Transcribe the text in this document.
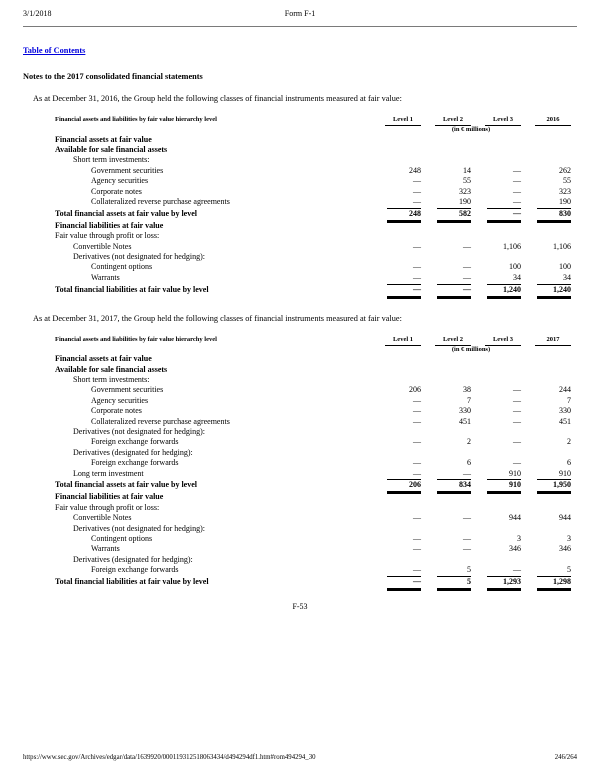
3/1/2018	Form F-1
Table of Contents
Notes to the 2017 consolidated financial statements
As at December 31, 2016, the Group held the following classes of financial instruments measured at fair value:
Financial assets and liabilities by fair value hierarchy level	Level 1	Level 2	Level 3	2016
(in € millions)
Financial assets at fair value
Available for sale financial assets
Short term investments:
Government securities	248	14	—	262
Agency securities	—	55	—	55
Corporate notes	—	323	—	323
Collateralized reverse purchase agreements	—	190	—	190
Total financial assets at fair value by level	248	582	—	830
Financial liabilities at fair value
Fair value through profit or loss:
Convertible Notes	—	—	1,106	1,106
Derivatives (not designated for hedging):
Contingent options	—	—	100	100
Warrants	—	—	34	34
Total financial liabilities at fair value by level	—	—	1,240	1,240
As at December 31, 2017, the Group held the following classes of financial instruments measured at fair value:
Financial assets and liabilities by fair value hierarchy level	Level 1	Level 2	Level 3	2017
(in € millions)
Financial assets at fair value
Available for sale financial assets
Short term investments:
Government securities	206	38	—	244
Agency securities	—	7	—	7
Corporate notes	—	330	—	330
Collateralized reverse purchase agreements	—	451	—	451
Derivatives (not designated for hedging):
Foreign exchange forwards	—	2	—	2
Derivatives (designated for hedging):
Foreign exchange forwards	—	6	—	6
Long term investment	—	—	910	910
Total financial assets at fair value by level	206	834	910	1,950
Financial liabilities at fair value
Fair value through profit or loss:
Convertible Notes	—	—	944	944
Derivatives (not designated for hedging):
Contingent options	—	—	3	3
Warrants	—	—	346	346
Derivatives (designated for hedging):
Foreign exchange forwards	—	5	—	5
Total financial liabilities at fair value by level	—	5	1,293	1,298
F-53
https://www.sec.gov/Archives/edgar/data/1639920/000119312518063434/d494294df1.htm#rom494294_30	246/264
